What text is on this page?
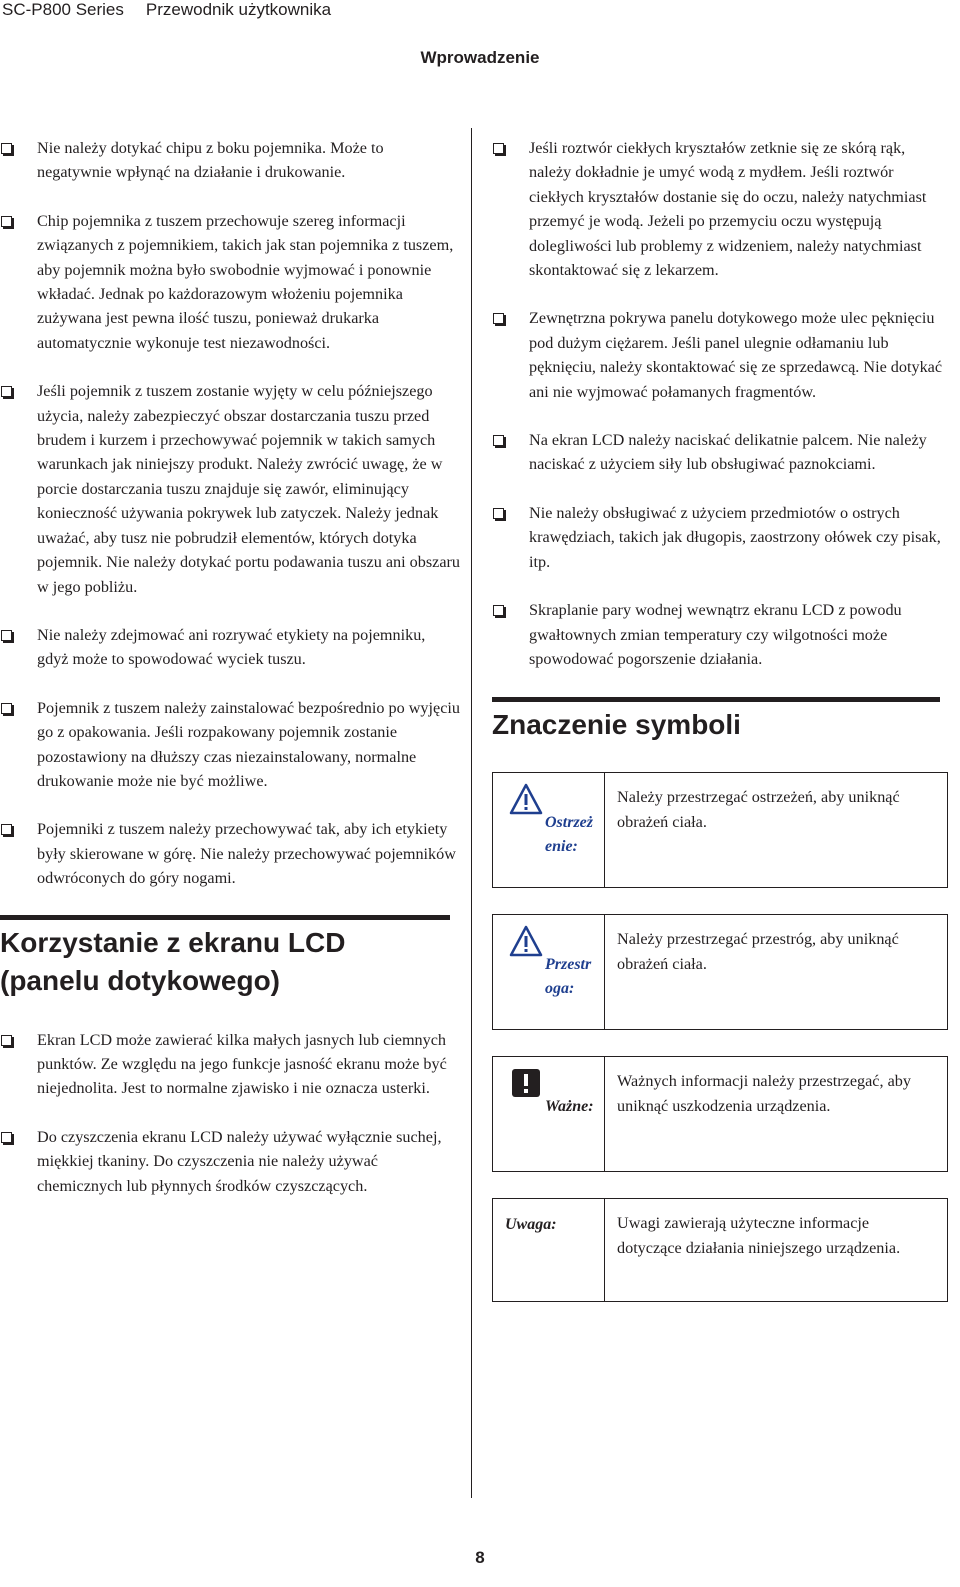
SC-P800 Series Przewodnik użytkownika
Wprowadzenie
Nie należy dotykać chipu z boku pojemnika. Może to negatywnie wpłynąć na działanie i drukowanie.
Chip pojemnika z tuszem przechowuje szereg informacji związanych z pojemnikiem, takich jak stan pojemnika z tuszem, aby pojemnik można było swobodnie wyjmować i ponownie wkładać. Jednak po każdorazowym włożeniu pojemnika zużywana jest pewna ilość tuszu, ponieważ drukarka automatycznie wykonuje test niezawodności.
Jeśli pojemnik z tuszem zostanie wyjęty w celu późniejszego użycia, należy zabezpieczyć obszar dostarczania tuszu przed brudem i kurzem i przechowywać pojemnik w takich samych warunkach jak niniejszy produkt. Należy zwrócić uwagę, że w porcie dostarczania tuszu znajduje się zawór, eliminujący konieczność używania pokrywek lub zatyczek. Należy jednak uważać, aby tusz nie pobrudził elementów, których dotyka pojemnik. Nie należy dotykać portu podawania tuszu ani obszaru w jego pobliżu.
Nie należy zdejmować ani rozrywać etykiety na pojemniku, gdyż może to spowodować wyciek tuszu.
Pojemnik z tuszem należy zainstalować bezpośrednio po wyjęciu go z opakowania. Jeśli rozpakowany pojemnik zostanie pozostawiony na dłuższy czas niezainstalowany, normalne drukowanie może nie być możliwe.
Pojemniki z tuszem należy przechowywać tak, aby ich etykiety były skierowane w górę. Nie należy przechowywać pojemników odwróconych do góry nogami.
Korzystanie z ekranu LCD (panelu dotykowego)
Ekran LCD może zawierać kilka małych jasnych lub ciemnych punktów. Ze względu na jego funkcje jasność ekranu może być niejednolita. Jest to normalne zjawisko i nie oznacza usterki.
Do czyszczenia ekranu LCD należy używać wyłącznie suchej, miękkiej tkaniny. Do czyszczenia nie należy używać chemicznych lub płynnych środków czyszczących.
Jeśli roztwór ciekłych kryształów zetknie się ze skórą rąk, należy dokładnie je umyć wodą z mydłem. Jeśli roztwór ciekłych kryształów dostanie się do oczu, należy natychmiast przemyć je wodą. Jeżeli po przemyciu oczu występują dolegliwości lub problemy z widzeniem, należy natychmiast skontaktować się z lekarzem.
Zewnętrzna pokrywa panelu dotykowego może ulec pęknięciu pod dużym ciężarem. Jeśli panel ulegnie odłamaniu lub pęknięciu, należy skontaktować się ze sprzedawcą. Nie dotykać ani nie wyjmować połamanych fragmentów.
Na ekran LCD należy naciskać delikatnie palcem. Nie należy naciskać z użyciem siły lub obsługiwać paznokciami.
Nie należy obsługiwać z użyciem przedmiotów o ostrych krawędziach, takich jak długopis, zaostrzony ołówek czy pisak, itp.
Skraplanie pary wodnej wewnątrz ekranu LCD z powodu gwałtownych zmian temperatury czy wilgotności może spowodować pogorszenie działania.
Znaczenie symboli
Ostrzeżenie:
	Należy przestrzegać ostrzeżeń, aby uniknąć obrażeń ciała.
Przestroga:
	Należy przestrzegać przestróg, aby uniknąć obrażeń ciała.
Ważne:
	Ważnych informacji należy przestrzegać, aby uniknąć uszkodzenia urządzenia.
Uwaga:	Uwagi zawierają użyteczne informacje dotyczące działania niniejszego urządzenia.
8
